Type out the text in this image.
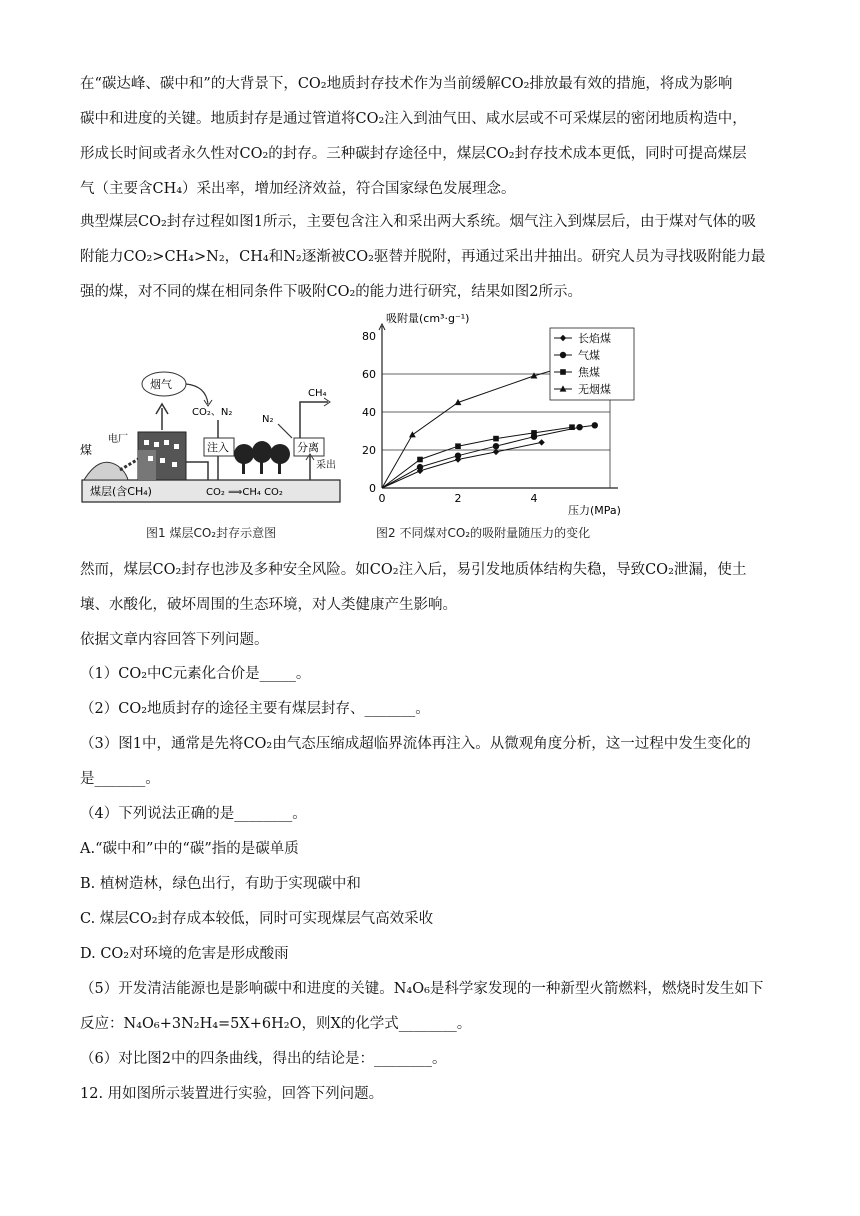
在“碳达峰、碳中和”的大背景下，CO₂地质封存技术作为当前缓解CO₂排放最有效的措施，将成为影响

碳中和进度的关键。地质封存是通过管道将CO₂注入到油气田、咸水层或不可采煤层的密闭地质构造中，

形成长时间或者永久性对CO₂的封存。三种碳封存途径中，煤层CO₂封存技术成本更低，同时可提高煤层

气（主要含CH₄）采出率，增加经济效益，符合国家绿色发展理念。

典型煤层CO₂封存过程如图1所示，主要包含注入和采出两大系统。烟气注入到煤层后，由于煤对气体的吸

附能力CO₂>CH₄>N₂，CH₄和N₂逐渐被CO₂驱替并脱附，再通过采出井抽出。研究人员为寻找吸附能力最

强的煤，对不同的煤在相同条件下吸附CO₂的能力进行研究，结果如图2所示。

煤层(含CH₄)	CO₂ ⟹CH₄ CO₂
煤
电厂
烟气
CO₂、N₂
注入	分离
CH₄
N₂
采出
图1 煤层CO₂封存示意图
0
20
40
60
80
0	2	4
吸附量(cm³·g⁻¹)
压力(MPa)
长焰煤
气煤
焦煤
无烟煤
图2 不同煤对CO₂的吸附量随压力的变化

然而，煤层CO₂封存也涉及多种安全风险。如CO₂注入后，易引发地质体结构失稳，导致CO₂泄漏，使土

壤、水酸化，破坏周围的生态环境，对人类健康产生影响。

依据文章内容回答下列问题。

（1）CO₂中C元素化合价是_____。

（2）CO₂地质封存的途径主要有煤层封存、_______。

（3）图1中，通常是先将CO₂由气态压缩成超临界流体再注入。从微观角度分析，这一过程中发生变化的

是_______。

（4）下列说法正确的是________。

A.“碳中和”中的“碳”指的是碳单质

B. 植树造林，绿色出行，有助于实现碳中和

C. 煤层CO₂封存成本较低，同时可实现煤层气高效采收

D. CO₂对环境的危害是形成酸雨

（5）开发清洁能源也是影响碳中和进度的关键。N₄O₆是科学家发现的一种新型火箭燃料，燃烧时发生如下

反应：N₄O₆+3N₂H₄=5X+6H₂O，则X的化学式________。

（6）对比图2中的四条曲线，得出的结论是：________。

12. 用如图所示装置进行实验，回答下列问题。
